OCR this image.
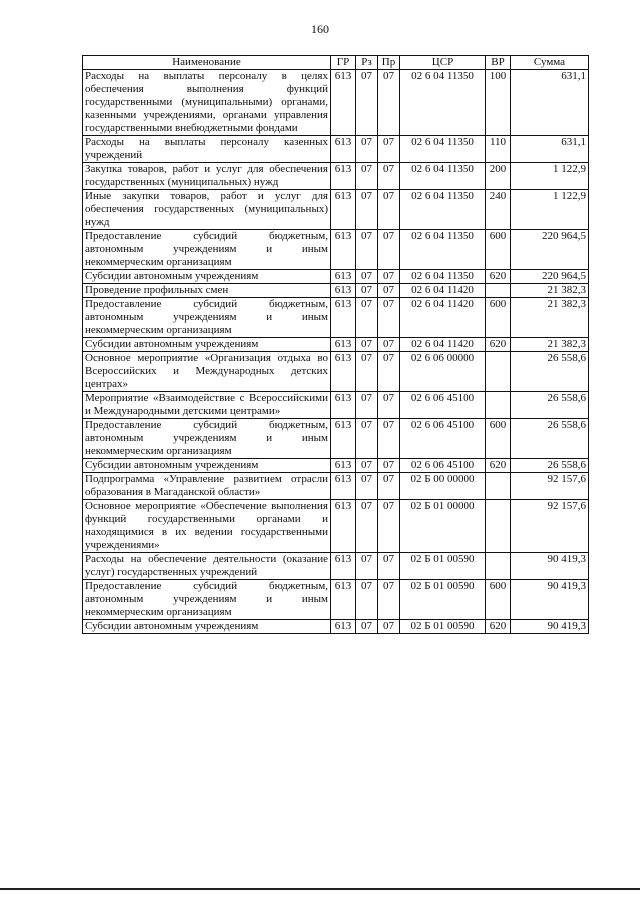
160
Наименование	ГР	Рз	Пр	ЦСР	ВР	Сумма
Расходы на выплаты персоналу в целях обеспечения выполнения функций государственными (муниципальными) органами, казенными учреждениями, органами управления государственными внебюджетными фондами	613	07	07	02 6 04 11350	100	631,1
Расходы на выплаты персоналу казенных учреждений	613	07	07	02 6 04 11350	110	631,1
Закупка товаров, работ и услуг для обеспечения государственных (муниципальных) нужд	613	07	07	02 6 04 11350	200	1 122,9
Иные закупки товаров, работ и услуг для обеспечения государственных (муниципальных) нужд	613	07	07	02 6 04 11350	240	1 122,9
Предоставление субсидий бюджетным, автономным учреждениям и иным некоммерческим организациям	613	07	07	02 6 04 11350	600	220 964,5
Субсидии автономным учреждениям	613	07	07	02 6 04 11350	620	220 964,5
Проведение профильных смен	613	07	07	02 6 04 11420		21 382,3
Предоставление субсидий бюджетным, автономным учреждениям и иным некоммерческим организациям	613	07	07	02 6 04 11420	600	21 382,3
Субсидии автономным учреждениям	613	07	07	02 6 04 11420	620	21 382,3
Основное мероприятие «Организация отдыха во Всероссийских и Международных детских центрах»	613	07	07	02 6 06 00000		26 558,6
Мероприятие «Взаимодействие с Всероссийскими и Международными детскими центрами»	613	07	07	02 6 06 45100		26 558,6
Предоставление субсидий бюджетным, автономным учреждениям и иным некоммерческим организациям	613	07	07	02 6 06 45100	600	26 558,6
Субсидии автономным учреждениям	613	07	07	02 6 06 45100	620	26 558,6
Подпрограмма «Управление развитием отрасли образования в Магаданской области»	613	07	07	02 Б 00 00000		92 157,6
Основное мероприятие «Обеспечение выполнения функций государственными органами и находящимися в их ведении государственными учреждениями»	613	07	07	02 Б 01 00000		92 157,6
Расходы на обеспечение деятельности (оказание услуг) государственных учреждений	613	07	07	02 Б 01 00590		90 419,3
Предоставление субсидий бюджетным, автономным учреждениям и иным некоммерческим организациям	613	07	07	02 Б 01 00590	600	90 419,3
Субсидии автономным учреждениям	613	07	07	02 Б 01 00590	620	90 419,3
